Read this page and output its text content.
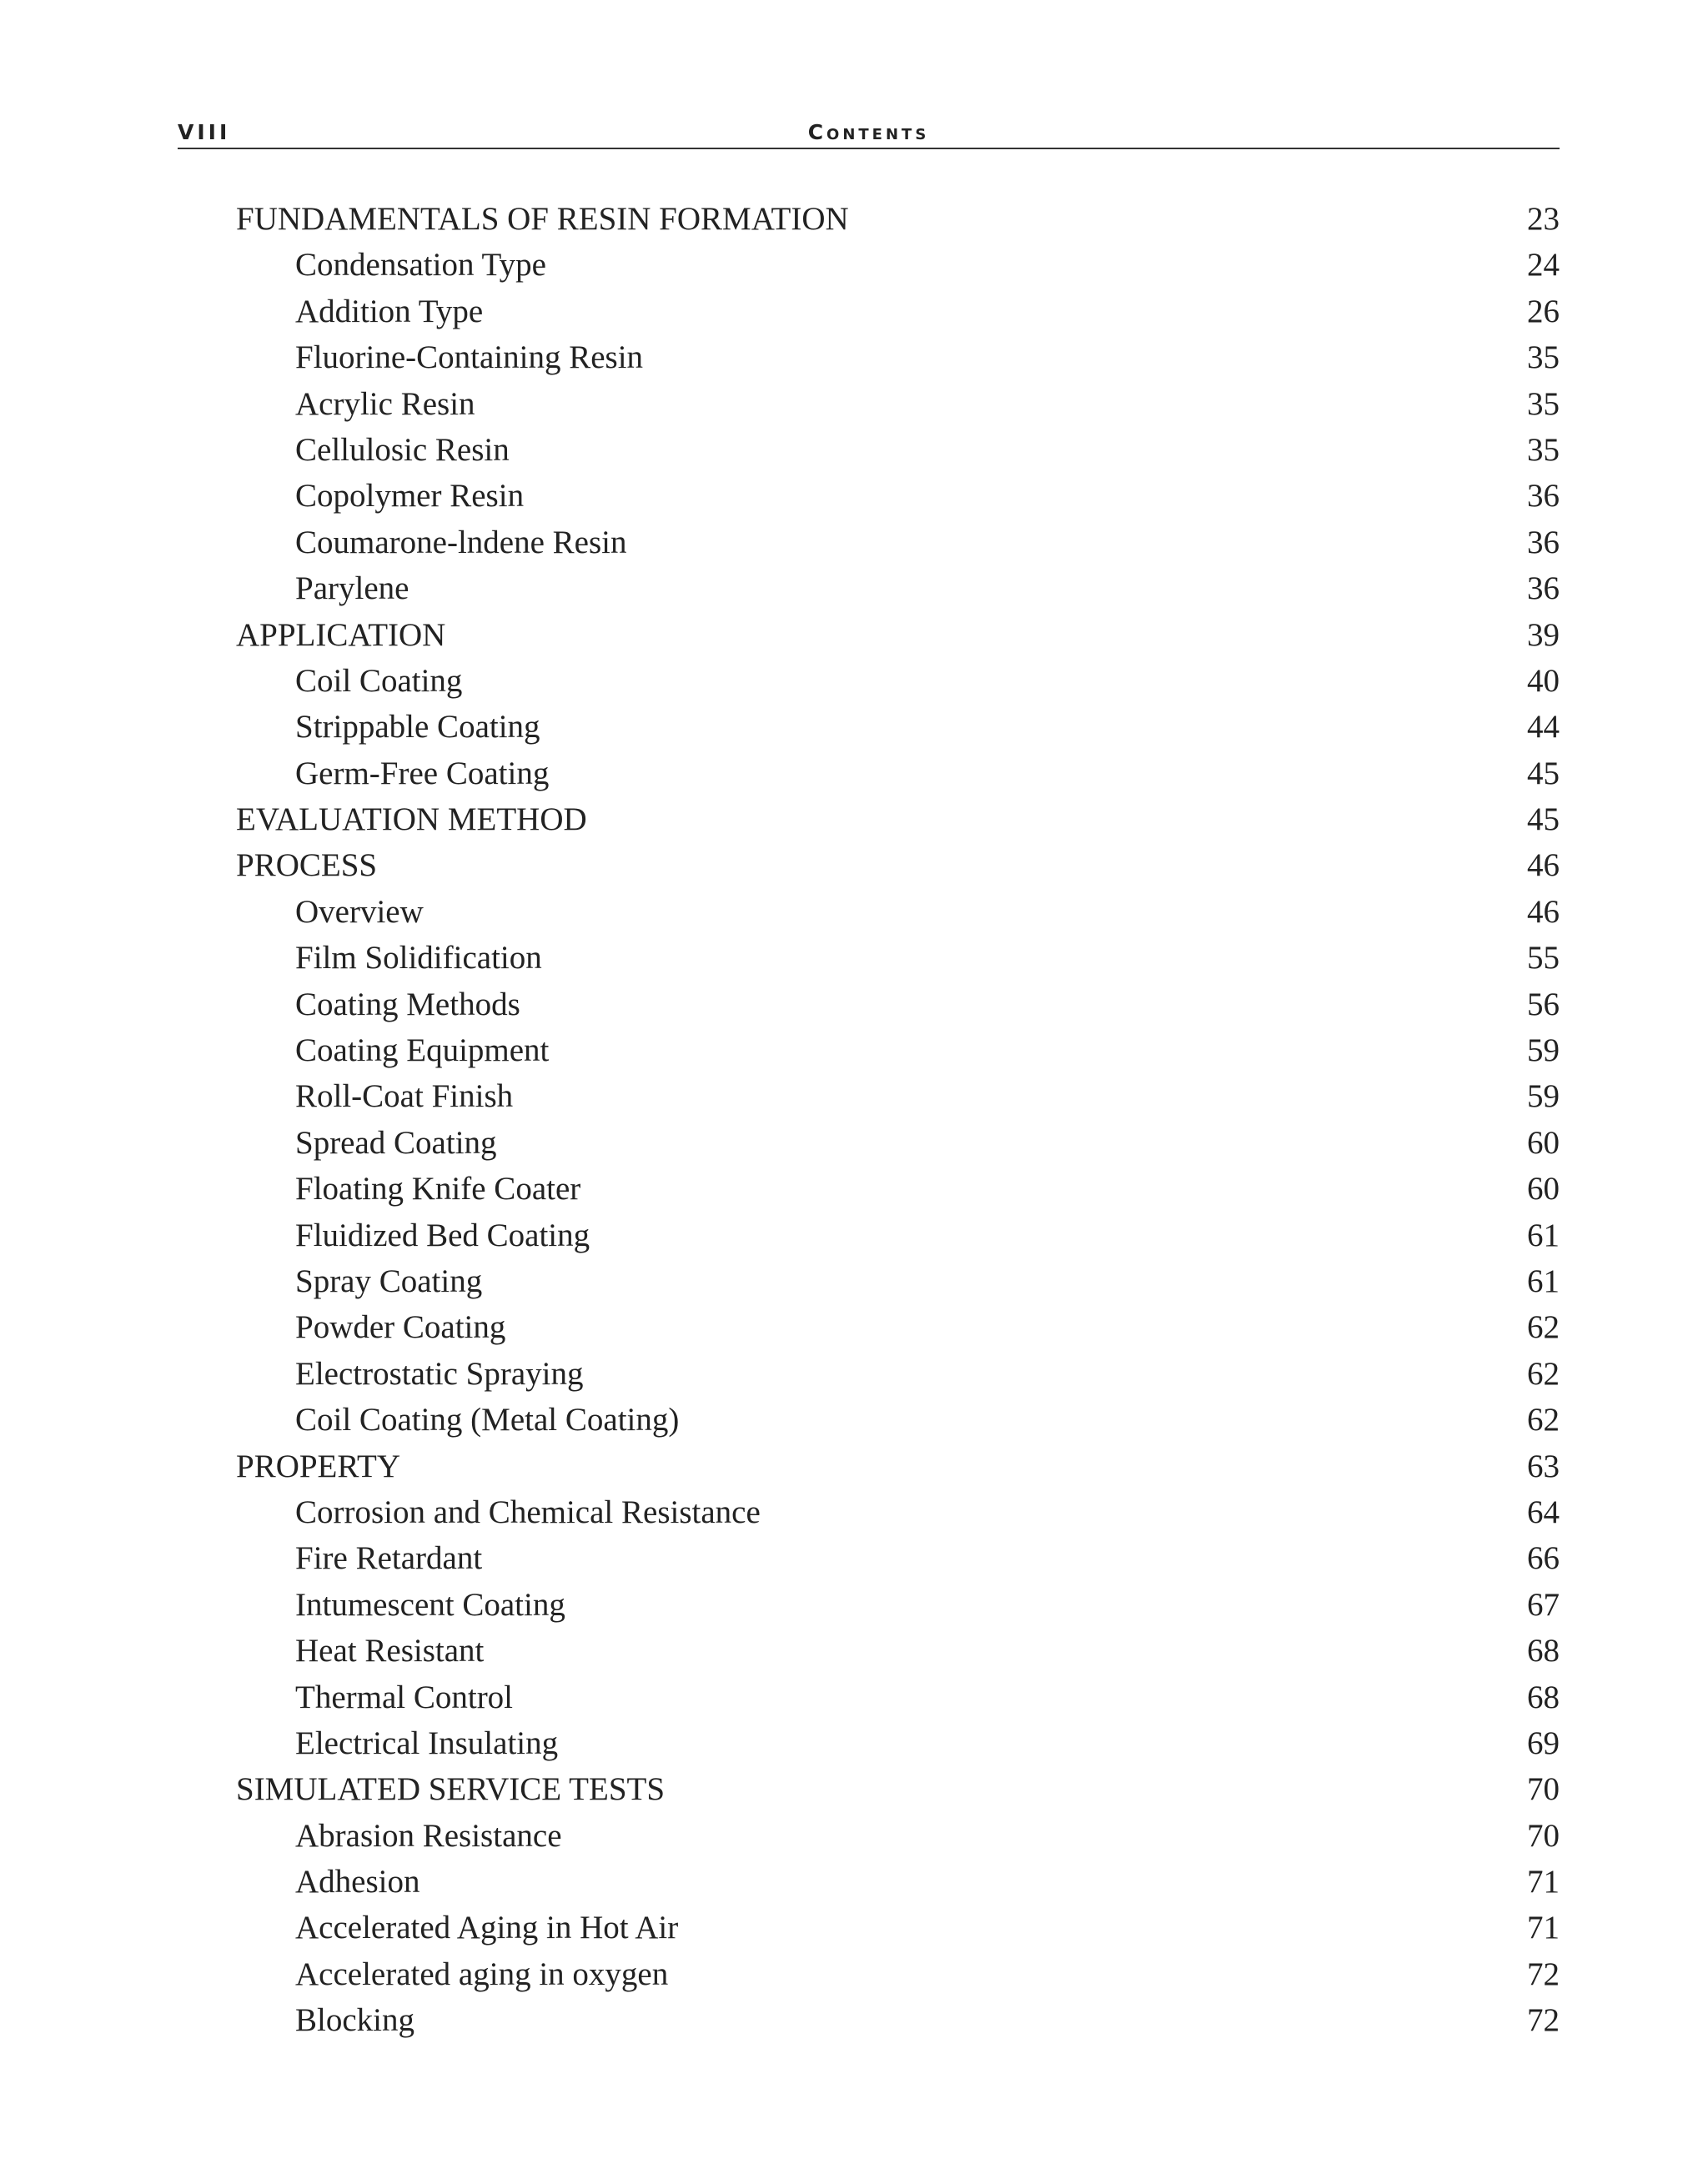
VIII	Contents
FUNDAMENTALS OF RESIN FORMATION	23
Condensation Type	24
Addition Type	26
Fluorine-Containing Resin	35
Acrylic Resin	35
Cellulosic Resin	35
Copolymer Resin	36
Coumarone-lndene Resin	36
Parylene	36
APPLICATION	39
Coil Coating	40
Strippable Coating	44
Germ-Free Coating	45
EVALUATION METHOD	45
PROCESS	46
Overview	46
Film Solidification	55
Coating Methods	56
Coating Equipment	59
Roll-Coat Finish	59
Spread Coating	60
Floating Knife Coater	60
Fluidized Bed Coating	61
Spray Coating	61
Powder Coating	62
Electrostatic Spraying	62
Coil Coating (Metal Coating)	62
PROPERTY	63
Corrosion and Chemical Resistance	64
Fire Retardant	66
Intumescent Coating	67
Heat Resistant	68
Thermal Control	68
Electrical Insulating	69
SIMULATED SERVICE TESTS	70
Abrasion Resistance	70
Adhesion	71
Accelerated Aging in Hot Air	71
Accelerated aging in oxygen	72
Blocking	72
